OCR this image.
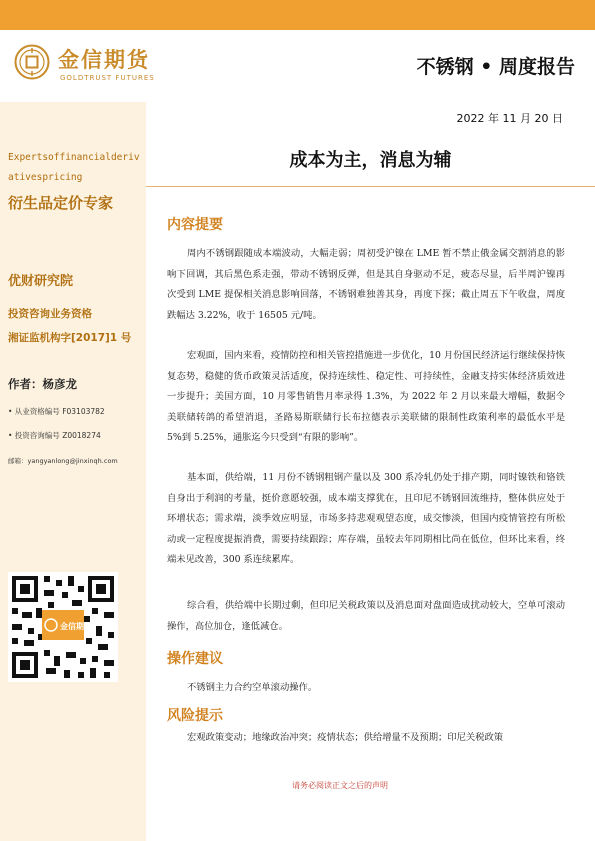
金信期货
GOLDTRUST FUTURES	不锈钢 • 周度报告
Expertsoffinancialderivativespricing
衍生品定价专家
优财研究院
投资咨询业务资格
湘证监机构字[2017]1 号
作者：杨彦龙
• 从业资格编号 F03103782
• 投资咨询编号 Z0018274
邮箱：yangyanlong@jinxinqh.com
金信期货
2022 年 11 月 20 日
成本为主，消息为辅
内容提要
周内不锈钢跟随成本端波动，大幅走弱；周初受沪镍在 LME 暂不禁止俄金属交割消息的影响下回调，其后黑色系走强，带动不锈钢反弹，但是其自身驱动不足，疲态尽显，后半周沪镍再次受到 LME 提保相关消息影响回落，不锈钢难独善其身，再度下探；截止周五下午收盘，周度跌幅达 3.22%，收于 16505 元/吨。
宏观面，国内来看，疫情防控和相关管控措施进一步优化，10 月份国民经济运行继续保持恢复态势，稳健的货币政策灵活适度，保持连续性、稳定性、可持续性，金融支持实体经济质效进一步提升；美国方面，10 月零售销售月率录得 1.3%，为 2022 年 2 月以来最大增幅，数据令美联储转鸽的希望消退，圣路易斯联储行长布拉德表示美联储的限制性政策利率的最低水平是 5%到 5.25%，通胀迄今只受到“有限的影响”。
基本面，供给端，11 月份不锈钢粗钢产量以及 300 系冷轧仍处于排产期，同时镍铁和铬铁自身出于利润的考量，挺价意愿较强，成本端支撑犹在，且印尼不锈钢回流维持，整体供应处于环增状态；需求端，淡季效应明显，市场多持悲观观望态度，成交惨淡，但国内疫情管控有所松动或一定程度提振消费，需要持续跟踪；库存端，虽较去年同期相比尚在低位，但环比来看，终端未见改善，300 系连续累库。
综合看，供给端中长期过剩，但印尼关税政策以及消息面对盘面造成扰动较大，空单可滚动操作，高位加仓，逢低减仓。
操作建议
不锈钢主力合约空单滚动操作。
风险提示
宏观政策变动；地缘政治冲突；疫情状态；供给增量不及预期；印尼关税政策
请务必阅读正文之后的声明
